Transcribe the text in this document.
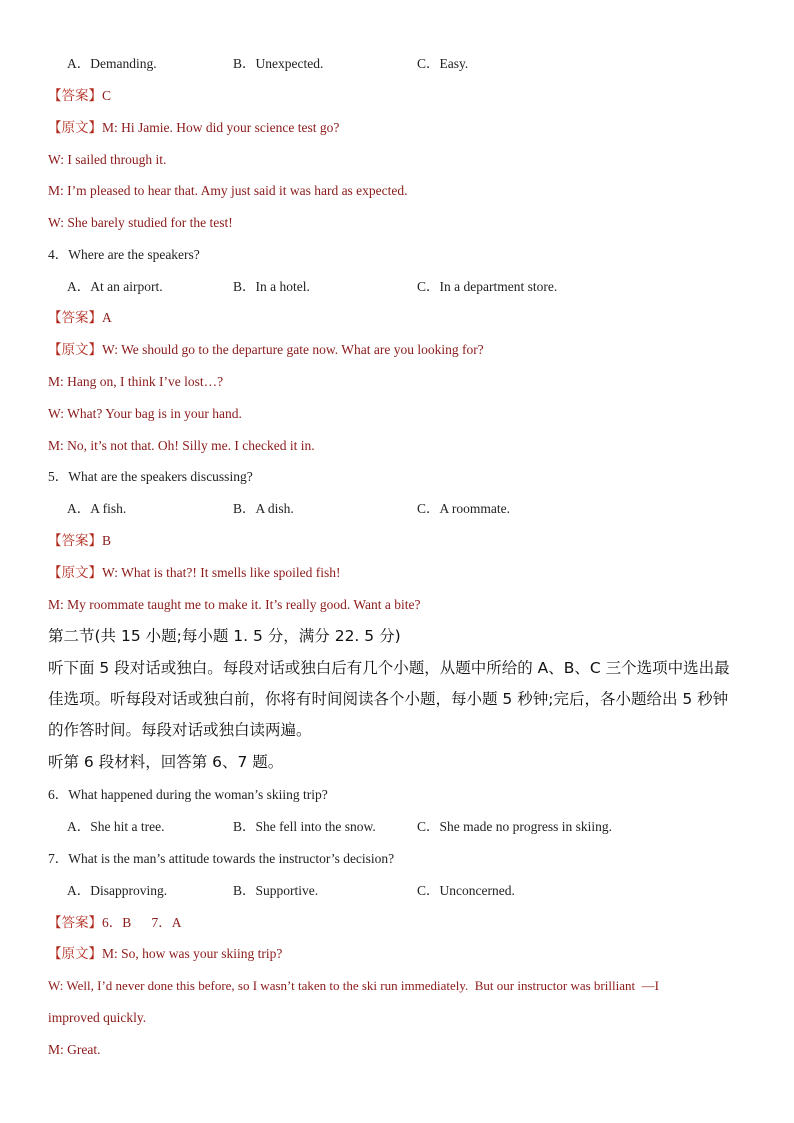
A．Demanding.	B．Unexpected.	C．Easy.
【答案】C
【原文】M: Hi Jamie. How did your science test go?
W: I sailed through it.
M: I’m pleased to hear that. Amy just said it was hard as expected.
W: She barely studied for the test!
4．Where are the speakers?
A．At an airport.	B．In a hotel.	C．In a department store.
【答案】A
【原文】W: We should go to the departure gate now. What are you looking for?
M: Hang on, I think I’ve lost…?
W: What? Your bag is in your hand.
M: No, it’s not that. Oh! Silly me. I checked it in.
5．What are the speakers discussing?
A．A fish.	B．A dish.	C．A roommate.
【答案】B
【原文】W: What is that?! It smells like spoiled fish!
M: My roommate taught me to make it. It’s really good. Want a bite?
第二节(共 15 小题;每小题 1. 5 分，满分 22. 5 分)
听下面 5 段对话或独白。每段对话或独白后有几个小题，从题中所给的 A、B、C 三个选项中选出最
佳选项。听每段对话或独白前，你将有时间阅读各个小题，每小题 5 秒钟;完后，各小题给出 5 秒钟
的作答时间。每段对话或独白读两遍。
听第 6 段材料，回答第 6、7 题。
6．What happened during the woman’s skiing trip?
A．She hit a tree.	B．She fell into the snow.	C．She made no progress in skiing.
7．What is the man’s attitude towards the instructor’s decision?
A．Disapproving.	B．Supportive.	C．Unconcerned.
【答案】6．B      7．A
【原文】M: So, how was your skiing trip?
W: Well, I’d never done this before, so I wasn’t taken to the ski run immediately.  But our instructor was brilliant  —I
improved quickly.
M: Great.
